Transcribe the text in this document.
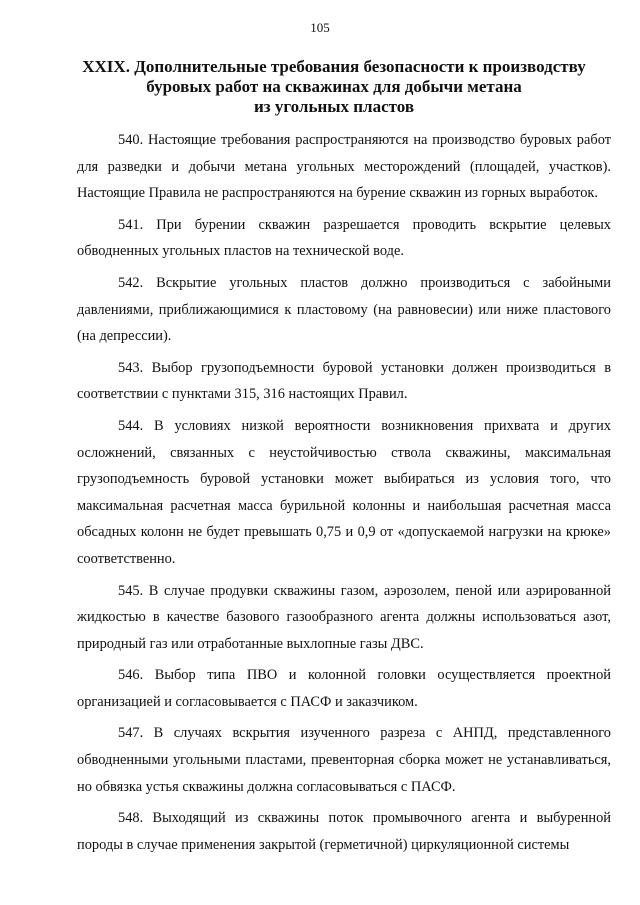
105
XXIX. Дополнительные требования безопасности к производству
буровых работ на скважинах для добычи метана
из угольных пластов

540. Настоящие требования распространяются на производство буровых работ для разведки и добычи метана угольных месторождений (площадей, участков). Настоящие Правила не распространяются на бурение скважин из горных выработок.

541. При бурении скважин разрешается проводить вскрытие целевых обводненных угольных пластов на технической воде.

542. Вскрытие угольных пластов должно производиться с забойными давлениями, приближающимися к пластовому (на равновесии) или ниже пластового (на депрессии).

543. Выбор грузоподъемности буровой установки должен производиться в соответствии с пунктами 315, 316 настоящих Правил.

544. В условиях низкой вероятности возникновения прихвата и других осложнений, связанных с неустойчивостью ствола скважины, максимальная грузоподъемность буровой установки может выбираться из условия того, что максимальная расчетная масса бурильной колонны и наибольшая расчетная масса обсадных колонн не будет превышать 0,75 и 0,9 от «допускаемой нагрузки на крюке» соответственно.

545. В случае продувки скважины газом, аэрозолем, пеной или аэрированной жидкостью в качестве базового газообразного агента должны использоваться азот, природный газ или отработанные выхлопные газы ДВС.

546. Выбор типа ПВО и колонной головки осуществляется проектной организацией и согласовывается с ПАСФ и заказчиком.

547. В случаях вскрытия изученного разреза с АНПД, представленного обводненными угольными пластами, превенторная сборка может не устанавливаться, но обвязка устья скважины должна согласовываться с ПАСФ.

548. Выходящий из скважины поток промывочного агента и выбуренной породы в случае применения закрытой (герметичной) циркуляционной системы
